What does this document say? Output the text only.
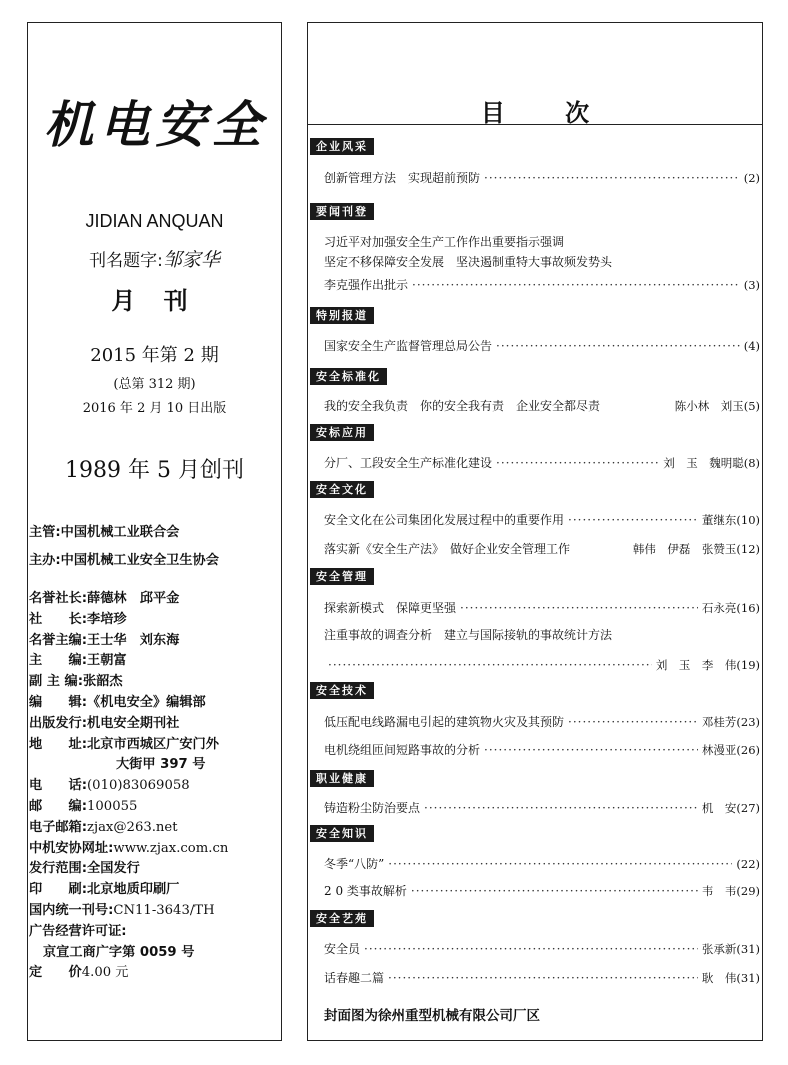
机电安全
JIDIAN ANQUAN
刊名题字:邹家华
月 刊
2015 年第 2 期
(总第 312 期)
2016 年 2 月 10 日出版
1989 年 5 月创刊
主管: 中国机械工业联合会
主办: 中国机械工业安全卫生协会
名誉社长: 薛德林　邱平金
社　　长: 李培珍
名誉主编: 王士华　刘东海
主　　编: 王朝富
副 主 编: 张韶杰
编　　辑: 《机电安全》编辑部
出版发行: 机电安全期刊社
地　　址: 北京市西城区广安门外
大街甲 397 号
电　　话: (010)83069058
邮　　编: 100055
电子邮箱: zjax@263.net
中机安协网址: www.zjax.com.cn
发行范围: 全国发行
印　　刷: 北京地质印刷厂
国内统一刊号: CN11-3643/TH
广告经营许可证:
京宣工商广字第 0059 号
定　　价 4.00 元
目 次
企业风采
创新管理方法　实现超前预防 ·····	(2)
要闻刊登
习近平对加强安全生产工作作出重要指示强调
坚定不移保障安全发展　坚决遏制重特大事故频发势头
李克强作出批示 ·····	(3)
特别报道
国家安全生产监督管理总局公告 ·····	(4)
安全标准化
我的安全我负责　你的安全我有责　企业安全都尽责	陈小林　刘玉(5)
安标应用
分厂、工段安全生产标准化建设 ·····	刘　玉　魏明聪(8)
安全文化
安全文化在公司集团化发展过程中的重要作用 ·····	董继东(10)
落实新《安全生产法》　做好企业安全管理工作	韩伟　伊磊　张赞玉(12)
安全管理
探索新模式　保障更坚强 ·····	石永亮(16)
注重事故的调查分析　建立与国际接轨的事故统计方法
·····
刘　玉　李　伟(19)
安全技术
低压配电线路漏电引起的建筑物火灾及其预防 ·····	邓桂芳(23)
电机绕组匝间短路事故的分析 ·····	林漫亚(26)
职业健康
铸造粉尘防治要点 ·····	机　安(27)
安全知识
冬季“八防” ·····	(22)
2 0 类事故解析 ·····	韦　韦(29)
安全艺苑
安全员 ·····	张承新(31)
话春趣二篇 ·····	耿　伟(31)
封面图为徐州重型机械有限公司厂区
